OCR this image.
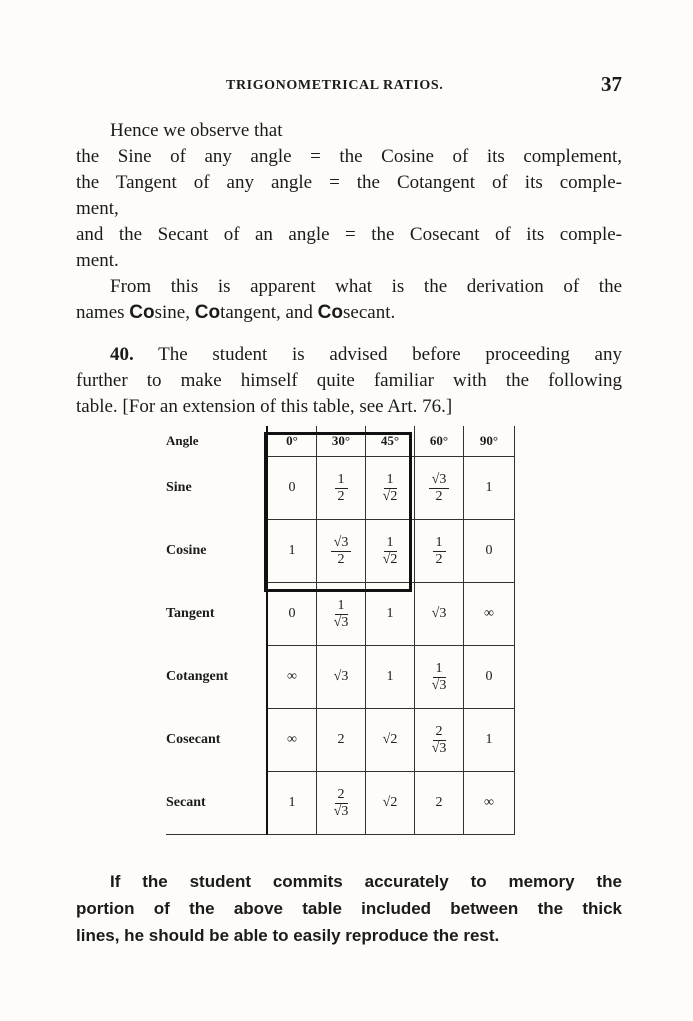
TRIGONOMETRICAL RATIOS.	37

Hence we observe that

the Sine of any angle = the Cosine of its complement,

the Tangent of any angle = the Cotangent of its comple-

ment,

and the Secant of an angle = the Cosecant of its comple-

ment.

From this is apparent what is the derivation of the

names Cosine, Cotangent, and Cosecant.

40. The student is advised before proceeding any

further to make himself quite familiar with the following

table. [For an extension of this table, see Art. 76.]

Angle	0°	30°	45°	60°	90°
Sine	0	$\frac{1}{2}$	$\frac{1}{√2}$	$\frac{√3}{2}$	1
Cosine	1	$\frac{√3}{2}$	$\frac{1}{√2}$	$\frac{1}{2}$	0
Tangent	0	$\frac{1}{√3}$	1	√3	∞
Cotangent	∞	√3	1	$\frac{1}{√3}$	0
Cosecant	∞	2	√2	$\frac{2}{√3}$	1
Secant	1	$\frac{2}{√3}$	√2	2	∞

If the student commits accurately to memory the
portion of the above table included between the thick
lines, he should be able to easily reproduce the rest.
